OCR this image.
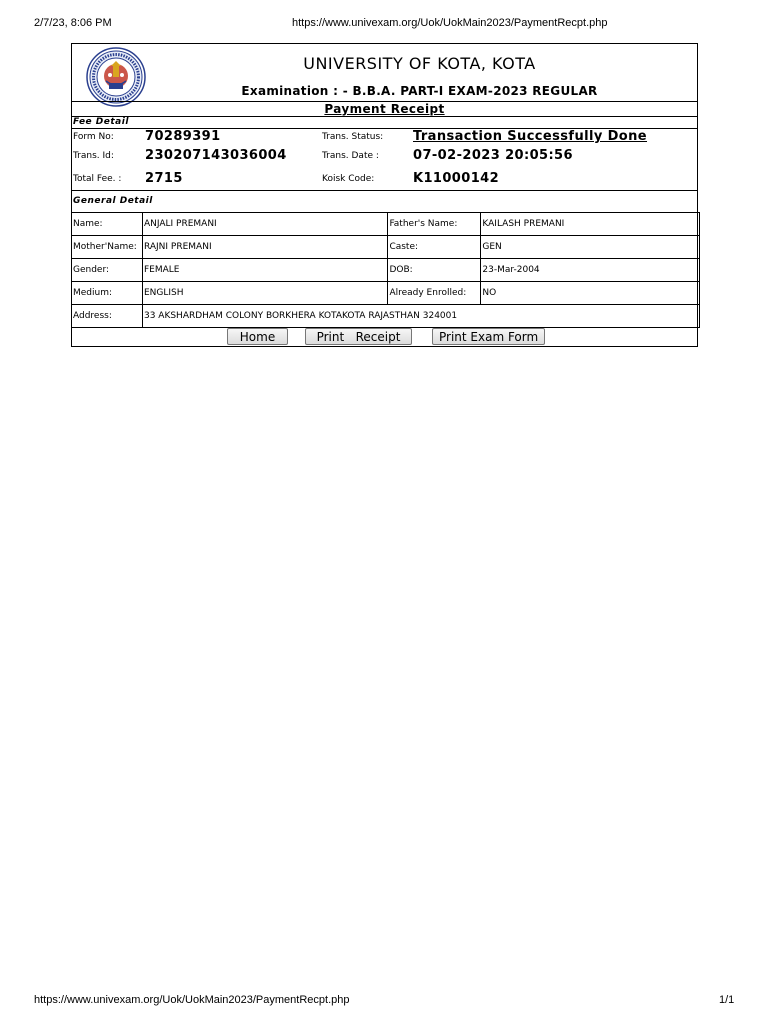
2/7/23, 8:06 PM	https://www.univexam.org/Uok/UokMain2023/PaymentRecpt.php
UNIVERSITY OF KOTA, KOTA
Examination : - B.B.A. PART-I EXAM-2023 REGULAR
Payment Receipt
Fee Detail
Form No: 70289391	Trans. Status: Transaction Successfully Done
Trans. Id: 230207143036004	Trans. Date :	07-02-2023 20:05:56
Total Fee. : 2715	Koisk Code:	K11000142
General Detail
Name:	ANJALI PREMANI	Father's Name:	KAILASH PREMANI
Mother'Name:	RAJNI PREMANI	Caste:	GEN
Gender:	FEMALE	DOB:	23-Mar-2004
Medium:	ENGLISH	Already Enrolled:	NO
Address:	33 AKSHARDHAM COLONY BORKHERA KOTAKOTA RAJASTHAN 324001		
Home	Print   Receipt	Print Exam Form
https://www.univexam.org/Uok/UokMain2023/PaymentRecpt.php	1/1
